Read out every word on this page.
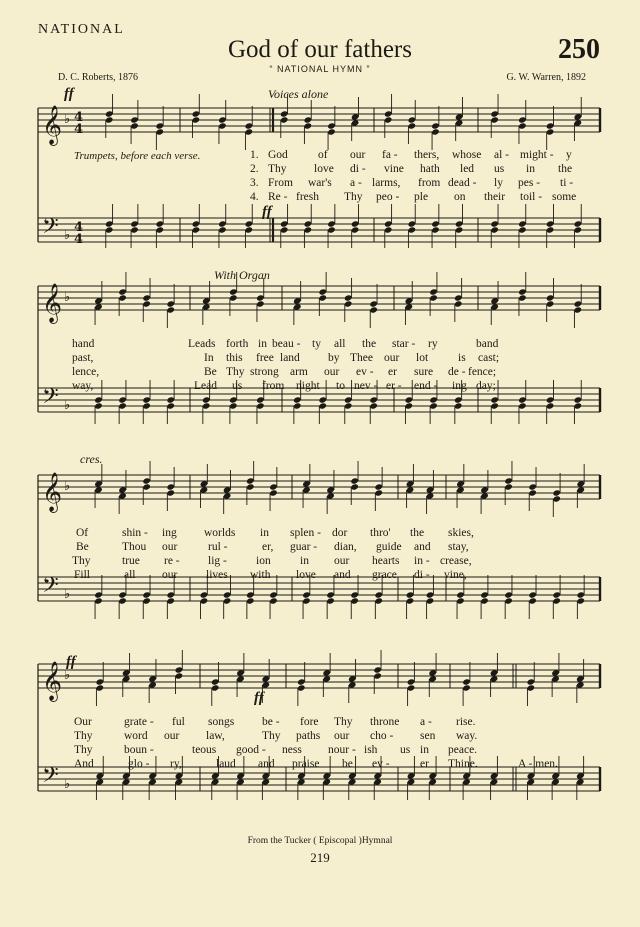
NATIONAL
God of our fathers	250
“ NATIONAL HYMN ”
D. C. Roberts, 1876	G. W. Warren, 1892
𝄞
𝄢
♭
♭
4
4
4
4
𝄞
𝄢
♭
♭
𝄞
𝄢
♭
♭
𝄞
𝄢
♭
♭
ff	Voices alone
ff
Trumpets, before each verse.
With Organ
cres.
ff
ff
1. God	of our fa - thers, whose al - might - y
2. Thy love di - vine hath led us in the
3. From war's a - larms, from dead - ly pes - ti -
4. Re - fresh Thy peo - ple on their toil - some
hand	Leads forth in beau - ty all the star - ry	band
past,	In this free land by Thee our lot	is cast;
lence,	Be Thy strong arm our ev - er sure de - fence;
way,	Lead us from night to nev - er - end - ing day;
Of	shin - ing worlds in splen - dor thro' the skies,
Be	Thou our	rul -	er, guar - dian, guide and stay,
Thy	true re - lig -	ion	in our hearts in - crease,
Fill	all our lives with love and grace di - vine,
Our	grate - ful songs be - fore Thy throne a - rise.
Thy	word our law,	Thy paths our cho - sen way.
Thy	boun -	teous good - ness nour - ish us in peace.
And	glo - ry,	laud and praise be ev -	er Thine.	A - men.
From the Tucker ( Episcopal )Hymnal
219
